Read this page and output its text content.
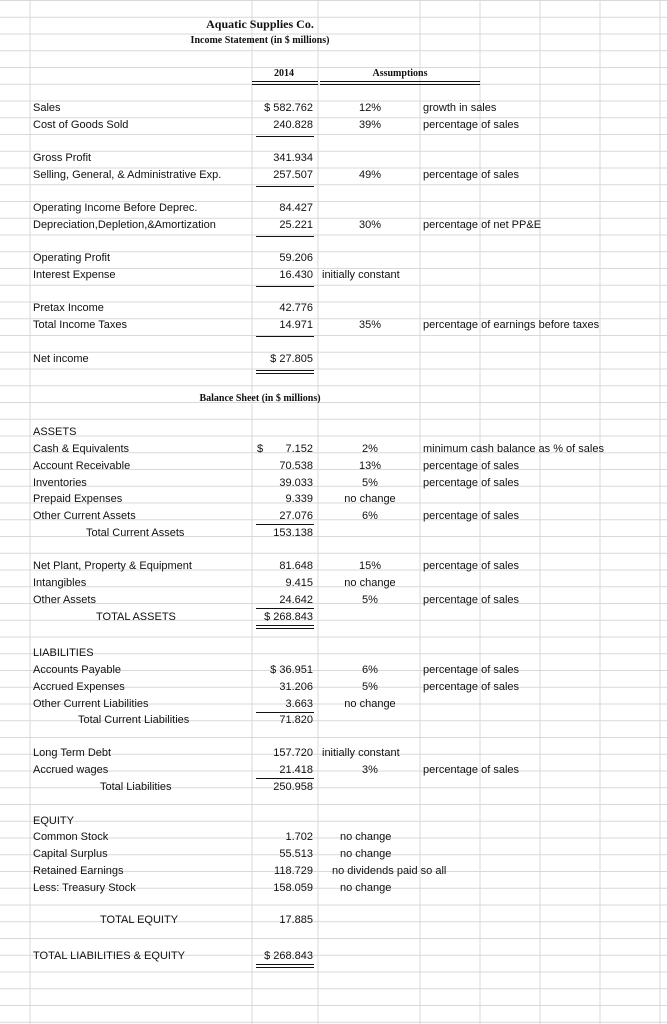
Aquatic Supplies Co.
Income Statement (in $ millions)
2014	Assumptions
Sales	$ 582.762	12%	growth in sales
Cost of Goods Sold	240.828	39%	percentage of sales
Gross Profit	341.934
Selling, General, & Administrative Exp.	257.507	49%	percentage of sales
Operating Income Before Deprec.	84.427
Depreciation,Depletion,&Amortization	25.221	30%	percentage of net PP&E
Operating Profit	59.206
Interest Expense	16.430 initially constant
Pretax Income	42.776
Total Income Taxes	14.971	35%	percentage of earnings before taxes
Net income	$ 27.805
Balance Sheet (in $ millions)
ASSETS
Cash & Equivalents	$	7.152	2%	minimum cash balance as % of sales
Account Receivable	70.538	13%	percentage of sales
Inventories	39.033	5%	percentage of sales
Prepaid Expenses	9.339	no change
Other Current Assets	27.076	6%	percentage of sales
Total Current Assets	153.138
Net Plant, Property & Equipment	81.648	15%	percentage of sales
Intangibles	9.415	no change
Other Assets	24.642	5%	percentage of sales
TOTAL ASSETS	$ 268.843
LIABILITIES
Accounts Payable	$ 36.951	6%	percentage of sales
Accrued Expenses	31.206	5%	percentage of sales
Other Current Liabilities	3.663	no change
Total Current Liabilities	71.820
Long Term Debt	157.720 initially constant
Accrued wages	21.418	3%	percentage of sales
Total Liabilities	250.958
EQUITY
Common Stock	1.702 no change
Capital Surplus	55.513 no change
Retained Earnings	118.729 no dividends paid so all
Less: Treasury Stock	158.059 no change
TOTAL EQUITY	17.885
TOTAL LIABILITIES & EQUITY	$ 268.843
